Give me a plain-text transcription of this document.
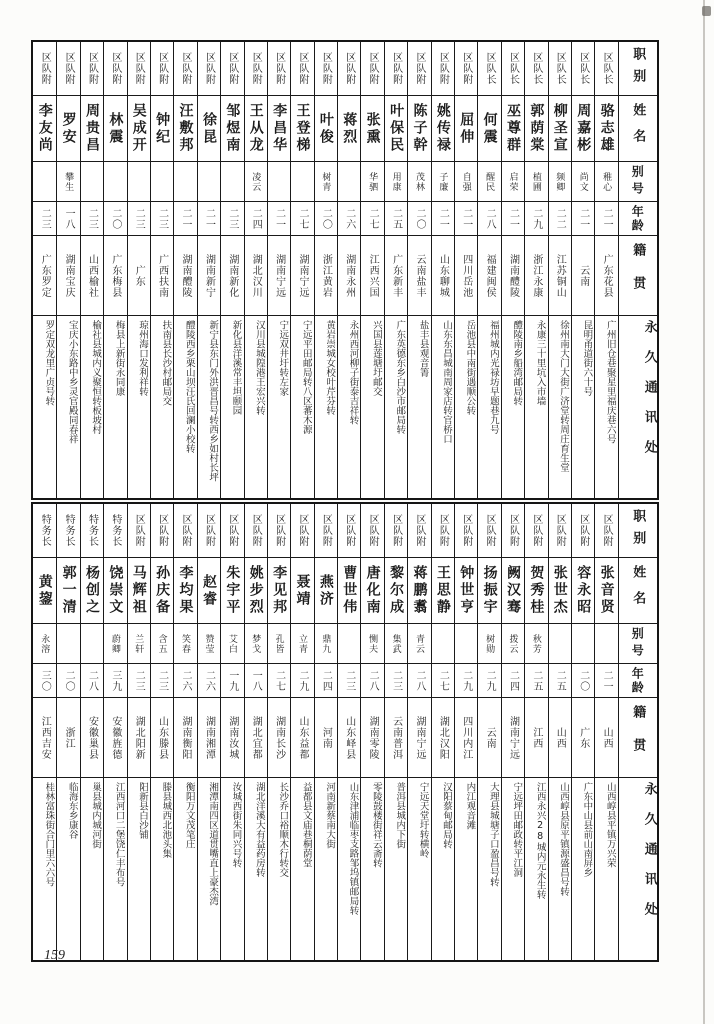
区队附
李友尚
二三
广东罗定
罗定双龙里广贞号转
区队附
罗安
攀生
一八
湖南宝庆
宝庆小东路中乡灵官殿同春祥
区队附
周贵昌
二三
山西榆社
榆社县城内义聚恒转板坡村
区队附
林震
二〇
广东梅县
梅县上新街永同康
区队附
吴成开
二三
广东
琼州海口发利祥转
区队附
钟纪
二三
广西扶南
扶南县长沙村邮局交
区队附
汪敷邦
二一
湖南醴陵
醴陵西乡栗山坝汪氏回澜小校转
区队附
徐昆
二一
湖南新宁
新宁县东门外洪晋昌号转西乡如村长坪
区队附
邹煜南
二三
湖南新化
新化县洋溪常丰坦颐园
区队附
王从龙
凌云
二四
湖北汉川
汉川县城隍港王宏兴转
区队附
李昌华
二一
湖南宁远
宁远双井圩转左家
区队附
王登梯
二七
湖南宁远
宁远平田邮局转八区蕃木源
区队附
叶俊
树青
二〇
浙江黄岩
黄岩崇城女校叶芹芬转
区队附
蒋烈
二六
湖南永州
永州西河柳子街泰吉祥转
区队附
张熏
华驷
二七
江西兴国
兴国县莲塘圩邮交
区队附
叶保民
用康
二五
广东新丰
广东英德东乡白沙市邮局转
区队附
陈子幹
茂林
二〇
云南盐丰
盐丰县观音箐
区队附
姚传禄
子廉
二一
山东聊城
山东东昌城南周家店转官桥口
区队附
屈伸
自强
二一
四川岳池
岳池县中南街遇顺公转
区队长
何震
醒民
二八
福建闽侯
福州城内光禄坊早题巷九号
区队长
巫尊群
启荣
二一
湖南醴陵
醴陵南乡船湾邮局转
区队长
郭荫棠
植圃
二九
浙江永康
永康三十里坑入市墙
区队长
柳圣宣
频卿
二二
江苏铜山
徐州南大门大街广济堂转周庄育生堂
区队长
周嘉彬
尚文
二一
云南
昆明甬道街六十号
区队长
骆志雄
稚心
二一
广东花县
广州旧仓巷聚星里福庆巷六号
职别
姓名
别号
年龄
籍贯
永久通讯处
特务长
黄鋆
永溶
三〇
江西吉安
桂林富珠街合门里六六号
特务长
郭一清
二〇
浙江
临海东乡康谷
特务长
杨创之
二八
安徽巢县
巢县城内城河街
特务长
饶崇文
蔚卿
三九
安徽旌德
江西河口二堡饶仁丰布号
区队附
马辉祖
兰轩
二三
湖北阳新
阳新县白沙铺
区队附
孙庆备
含五
二三
山东滕县
滕县城西北池头集
区队附
李均果
笑春
二六
湖南衡阳
衡阳万文茂笔庄
区队附
赵睿
赞莹
二六
湖南湘潭
湘潭南四区道贯嘴直上豪杰湾
区队附
朱宇平
艾白
一九
湖南汝城
汝城西街朱同兴号转
区队附
姚步烈
梦戈
一八
湖北宜都
湖北洋溪大有益药房转
区队附
李见邦
孔皆
二七
湖南长沙
长沙乔口裕顺木行转交
区队附
聂靖
立青
二九
山东益都
益都县文庙巷桐荫堂
区队附
燕济
鼎九
二四
河南
河南新蔡南大街
区队附
曹世伟
二三
山东峄县
山东津浦临枣支路邹坞镇邮局转
区队附
唐化南
恻夫
二八
湖南零陵
零陵鼓楼街祥云斋转
区队附
黎尔成
集武
二三
云南普洱
普洱县城内下街
区队附
蒋鹏翥
青云
二八
湖南宁远
宁远天堂圩转横岭
区队附
王思静
二七
湖北汉阳
汉阳蔡甸邮局转
区队附
钟世亨
二九
四川内江
内江观音滩
区队附
扬振宇
树勋
二九
云南
大理县城塘子口盈昌号转
区队附
阙汉骞
拨云
二四
湖南宁远
宁远坪田邮政转平江洞
区队附
贺秀桂
秋芳
二五
江西
江西永兴28城内元永生转
区队附
张世杰
二五
山西
山西崞县原平镇源盛昌号转
区队附
容永昭
二〇
广东
广东中山县前山南屏乡
区队附
张音贤
二一
山西
山西崞县平镇万兴荣
职别
姓名
别号
年龄
籍贯
永久通讯处
159
